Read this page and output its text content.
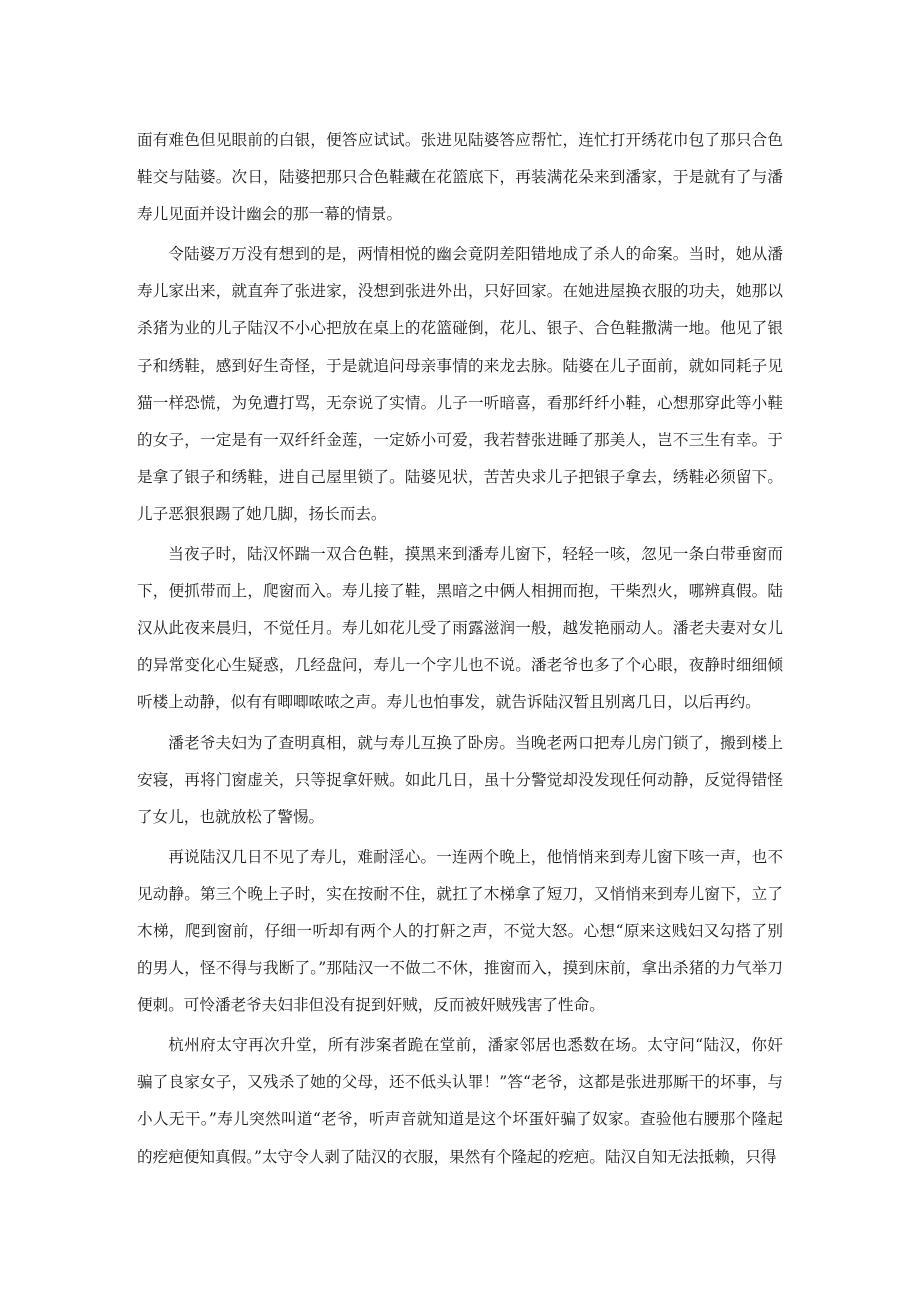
面有难色但见眼前的白银，便答应试试。张进见陆婆答应帮忙，连忙打开绣花巾包了那只合色鞋交与陆婆。次日，陆婆把那只合色鞋藏在花篮底下，再装满花朵来到潘家，于是就有了与潘寿儿见面并设计幽会的那一幕的情景。

令陆婆万万没有想到的是，两情相悦的幽会竟阴差阳错地成了杀人的命案。当时，她从潘寿儿家出来，就直奔了张进家，没想到张进外出，只好回家。在她进屋换衣服的功夫，她那以杀猪为业的儿子陆汉不小心把放在桌上的花篮碰倒，花儿、银子、合色鞋撒满一地。他见了银子和绣鞋，感到好生奇怪，于是就追问母亲事情的来龙去脉。陆婆在儿子面前，就如同耗子见猫一样恐慌，为免遭打骂，无奈说了实情。儿子一听暗喜，看那纤纤小鞋，心想那穿此等小鞋的女子，一定是有一双纤纤金莲，一定娇小可爱，我若替张进睡了那美人，岂不三生有幸。于是拿了银子和绣鞋，进自己屋里锁了。陆婆见状，苦苦央求儿子把银子拿去，绣鞋必须留下。儿子恶狠狠踢了她几脚，扬长而去。

当夜子时，陆汉怀踹一双合色鞋，摸黑来到潘寿儿窗下，轻轻一咳，忽见一条白带垂窗而下，便抓带而上，爬窗而入。寿儿接了鞋，黑暗之中俩人相拥而抱，干柴烈火，哪辨真假。陆汉从此夜来晨归，不觉任月。寿儿如花儿受了雨露滋润一般，越发艳丽动人。潘老夫妻对女儿的异常变化心生疑惑，几经盘问，寿儿一个字儿也不说。潘老爷也多了个心眼，夜静时细细倾听楼上动静，似有有唧唧哝哝之声。寿儿也怕事发，就告诉陆汉暂且别离几日，以后再约。

潘老爷夫妇为了查明真相，就与寿儿互换了卧房。当晚老两口把寿儿房门锁了，搬到楼上安寝，再将门窗虚关，只等捉拿奸贼。如此几日，虽十分警觉却没发现任何动静，反觉得错怪了女儿，也就放松了警惕。

再说陆汉几日不见了寿儿，难耐淫心。一连两个晚上，他悄悄来到寿儿窗下咳一声，也不见动静。第三个晚上子时，实在按耐不住，就扛了木梯拿了短刀，又悄悄来到寿儿窗下，立了木梯，爬到窗前，仔细一听却有两个人的打鼾之声，不觉大怒。心想“原来这贱妇又勾搭了别的男人，怪不得与我断了。”那陆汉一不做二不休，推窗而入，摸到床前，拿出杀猪的力气举刀便刺。可怜潘老爷夫妇非但没有捉到奸贼，反而被奸贼残害了性命。

杭州府太守再次升堂，所有涉案者跪在堂前，潘家邻居也悉数在场。太守问“陆汉，你奸骗了良家女子，又残杀了她的父母，还不低头认罪！”答“老爷，这都是张进那厮干的坏事，与小人无干。”寿儿突然叫道“老爷，听声音就知道是这个坏蛋奸骗了奴家。查验他右腰那个隆起的疙疤便知真假。”太守令人剥了陆汉的衣服，果然有个隆起的疙疤。陆汉自知无法抵赖，只得
